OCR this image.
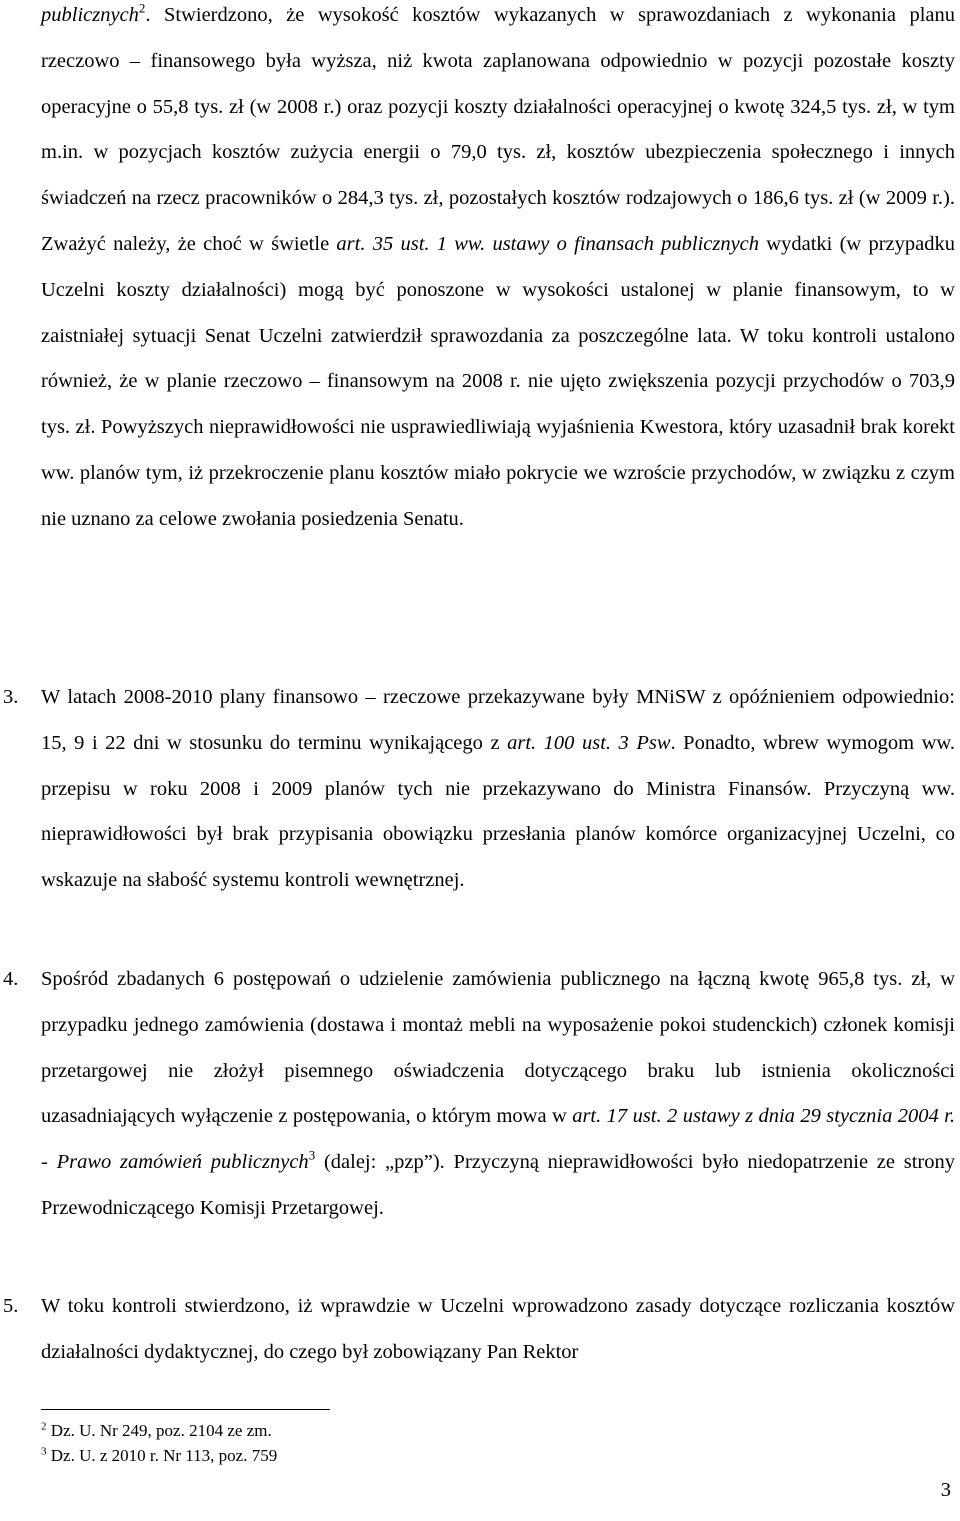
publicznych$^2$. Stwierdzono, że wysokość kosztów wykazanych w sprawozdaniach z wykonania planu rzeczowo – finansowego była wyższa, niż kwota zaplanowana odpowiednio w pozycji pozostałe koszty operacyjne o 55,8 tys. zł (w 2008 r.) oraz pozycji koszty działalności operacyjnej o kwotę 324,5 tys. zł, w tym m.in. w pozycjach kosztów zużycia energii o 79,0 tys. zł, kosztów ubezpieczenia społecznego i innych świadczeń na rzecz pracowników o 284,3 tys. zł, pozostałych kosztów rodzajowych o 186,6 tys. zł (w 2009 r.). Zważyć należy, że choć w świetle art. 35 ust. 1 ww. ustawy o finansach publicznych wydatki (w przypadku Uczelni koszty działalności) mogą być ponoszone w wysokości ustalonej w planie finansowym, to w zaistniałej sytuacji Senat Uczelni zatwierdził sprawozdania za poszczególne lata. W toku kontroli ustalono również, że w planie rzeczowo – finansowym na 2008 r. nie ujęto zwiększenia pozycji przychodów o 703,9 tys. zł. Powyższych nieprawidłowości nie usprawiedliwiają wyjaśnienia Kwestora, który uzasadnił brak korekt ww. planów tym, iż przekroczenie planu kosztów miało pokrycie we wzroście przychodów, w związku z czym nie uznano za celowe zwołania posiedzenia Senatu.
3. W latach 2008-2010 plany finansowo – rzeczowe przekazywane były MNiSW z opóźnieniem odpowiednio: 15, 9 i 22 dni w stosunku do terminu wynikającego z art. 100 ust. 3 Psw. Ponadto, wbrew wymogom ww. przepisu w roku 2008 i 2009 planów tych nie przekazywano do Ministra Finansów. Przyczyną ww. nieprawidłowości był brak przypisania obowiązku przesłania planów komórce organizacyjnej Uczelni, co wskazuje na słabość systemu kontroli wewnętrznej.
4. Spośród zbadanych 6 postępowań o udzielenie zamówienia publicznego na łączną kwotę 965,8 tys. zł, w przypadku jednego zamówienia (dostawa i montaż mebli na wyposażenie pokoi studenckich) członek komisji przetargowej nie złożył pisemnego oświadczenia dotyczącego braku lub istnienia okoliczności uzasadniających wyłączenie z postępowania, o którym mowa w art. 17 ust. 2 ustawy z dnia 29 stycznia 2004 r. - Prawo zamówień publicznych$^3$ (dalej: „pzp”). Przyczyną nieprawidłowości było niedopatrzenie ze strony Przewodniczącego Komisji Przetargowej.
5. W toku kontroli stwierdzono, iż wprawdzie w Uczelni wprowadzono zasady dotyczące rozliczania kosztów działalności dydaktycznej, do czego był zobowiązany Pan Rektor
$^2$ Dz. U. Nr 249, poz. 2104 ze zm.
$^3$ Dz. U. z 2010 r. Nr 113, poz. 759
3
